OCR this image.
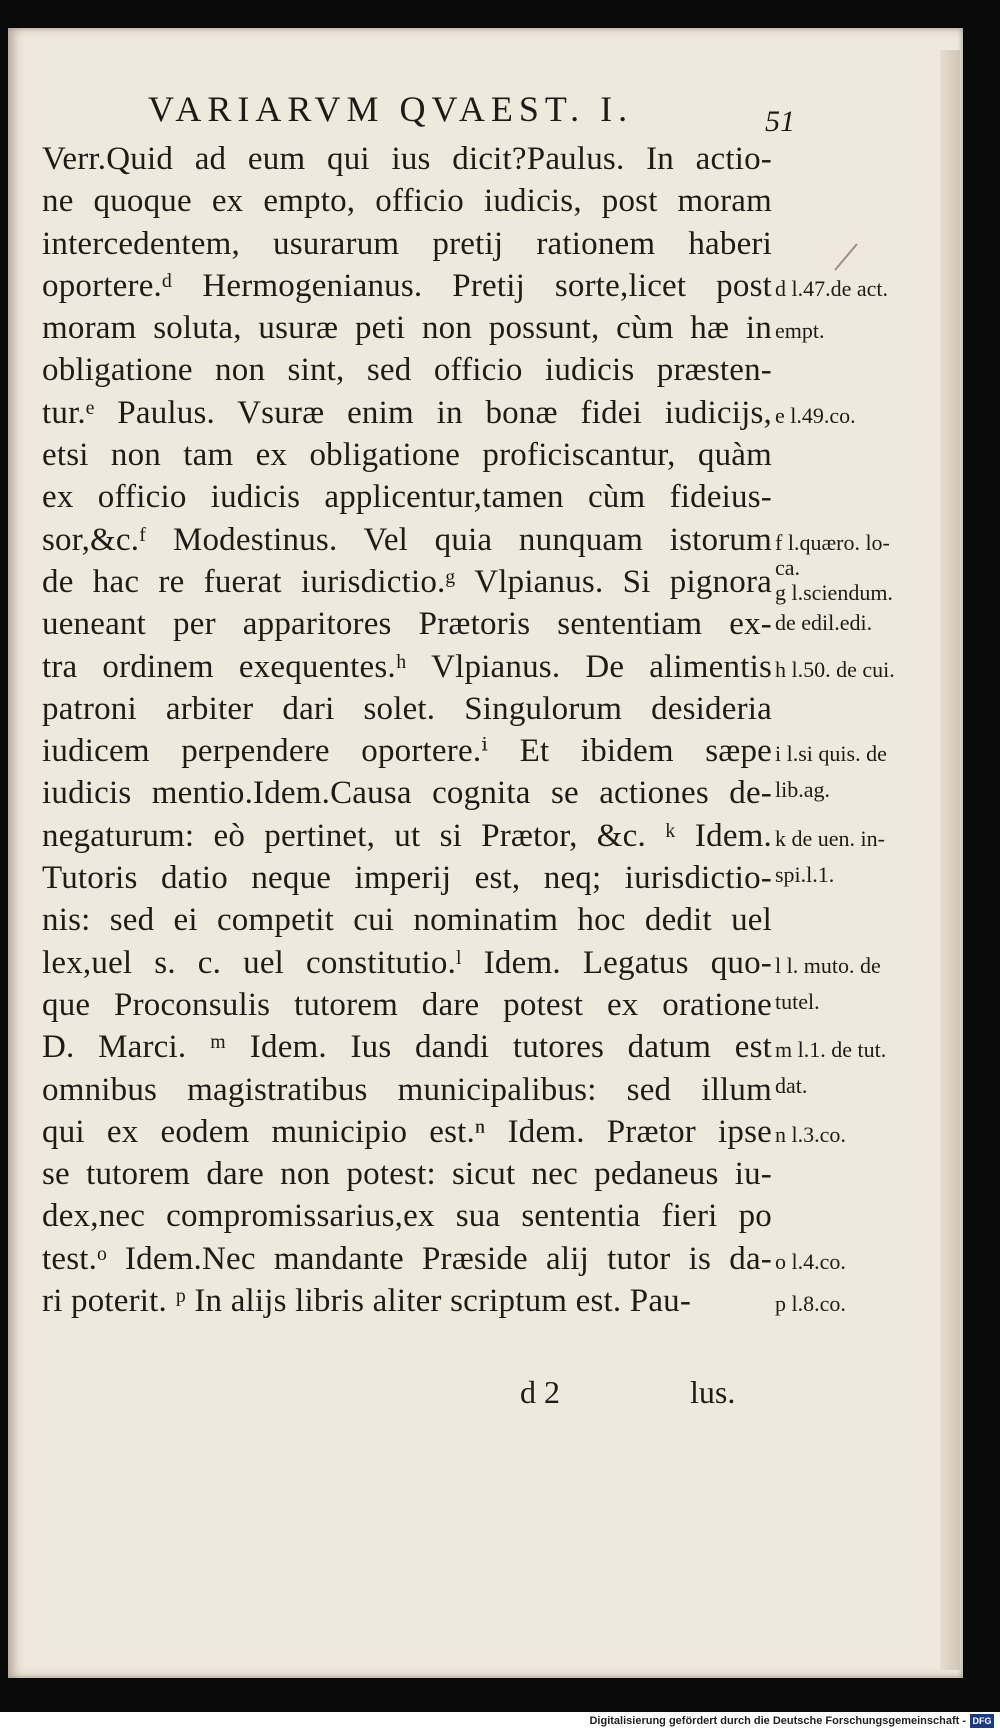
VARIARVM QVAEST. I.	51
Verr.Quid ad eum qui ius dicit?Paulus. In actio-
ne quoque ex empto, officio iudicis, post moram
intercedentem, usurarum pretij rationem haberi
oportere.ᵈ Hermogenianus. Pretij sorte,licet post
moram soluta, usuræ peti non possunt, cùm hæ in
obligatione non sint, sed officio iudicis præsten-
tur.ᵉ Paulus. Vsuræ enim in bonæ fidei iudicijs,
etsi non tam ex obligatione proficiscantur, quàm
ex officio iudicis applicentur,tamen cùm fideius-
sor,&c.ᶠ Modestinus. Vel quia nunquam istorum
de hac re fuerat iurisdictio.ᵍ Vlpianus. Si pignora
ueneant per apparitores Prætoris sententiam ex-
tra ordinem exequentes.ʰ Vlpianus. De alimentis
patroni arbiter dari solet. Singulorum desideria
iudicem perpendere oportere.ⁱ Et ibidem sæpe
iudicis mentio.Idem.Causa cognita se actiones de-
negaturum: eò pertinet, ut si Prætor, &c. ᵏ Idem.
Tutoris datio neque imperij est, neq; iurisdictio-
nis: sed ei competit cui nominatim hoc dedit uel
lex,uel s. c. uel constitutio.ˡ Idem. Legatus quo-
que Proconsulis tutorem dare potest ex oratione
D. Marci. ᵐ Idem. Ius dandi tutores datum est
omnibus magistratibus municipalibus: sed illum
qui ex eodem municipio est.ⁿ Idem. Prætor ipse
se tutorem dare non potest: sicut nec pedaneus iu-
dex,nec compromissarius,ex sua sententia fieri po
test.ᵒ Idem.Nec mandante Præside alij tutor is da-
ri poterit. ᵖ In alijs libris aliter scriptum est. Pau-
d l.47.de act.
empt.
e l.49.co.
f l.quæro. lo-
ca.
g l.sciendum.
de edil.edi.
h l.50. de cui.
i l.si quis. de
lib.ag.
k de uen. in-
spi.l.1.
l l. muto. de
tutel.
m l.1. de tut.
dat.
n l.3.co.
o l.4.co.
p l.8.co.
d 2	lus.
Digitalisierung gefördert durch die Deutsche Forschungsgemeinschaft - DFG
